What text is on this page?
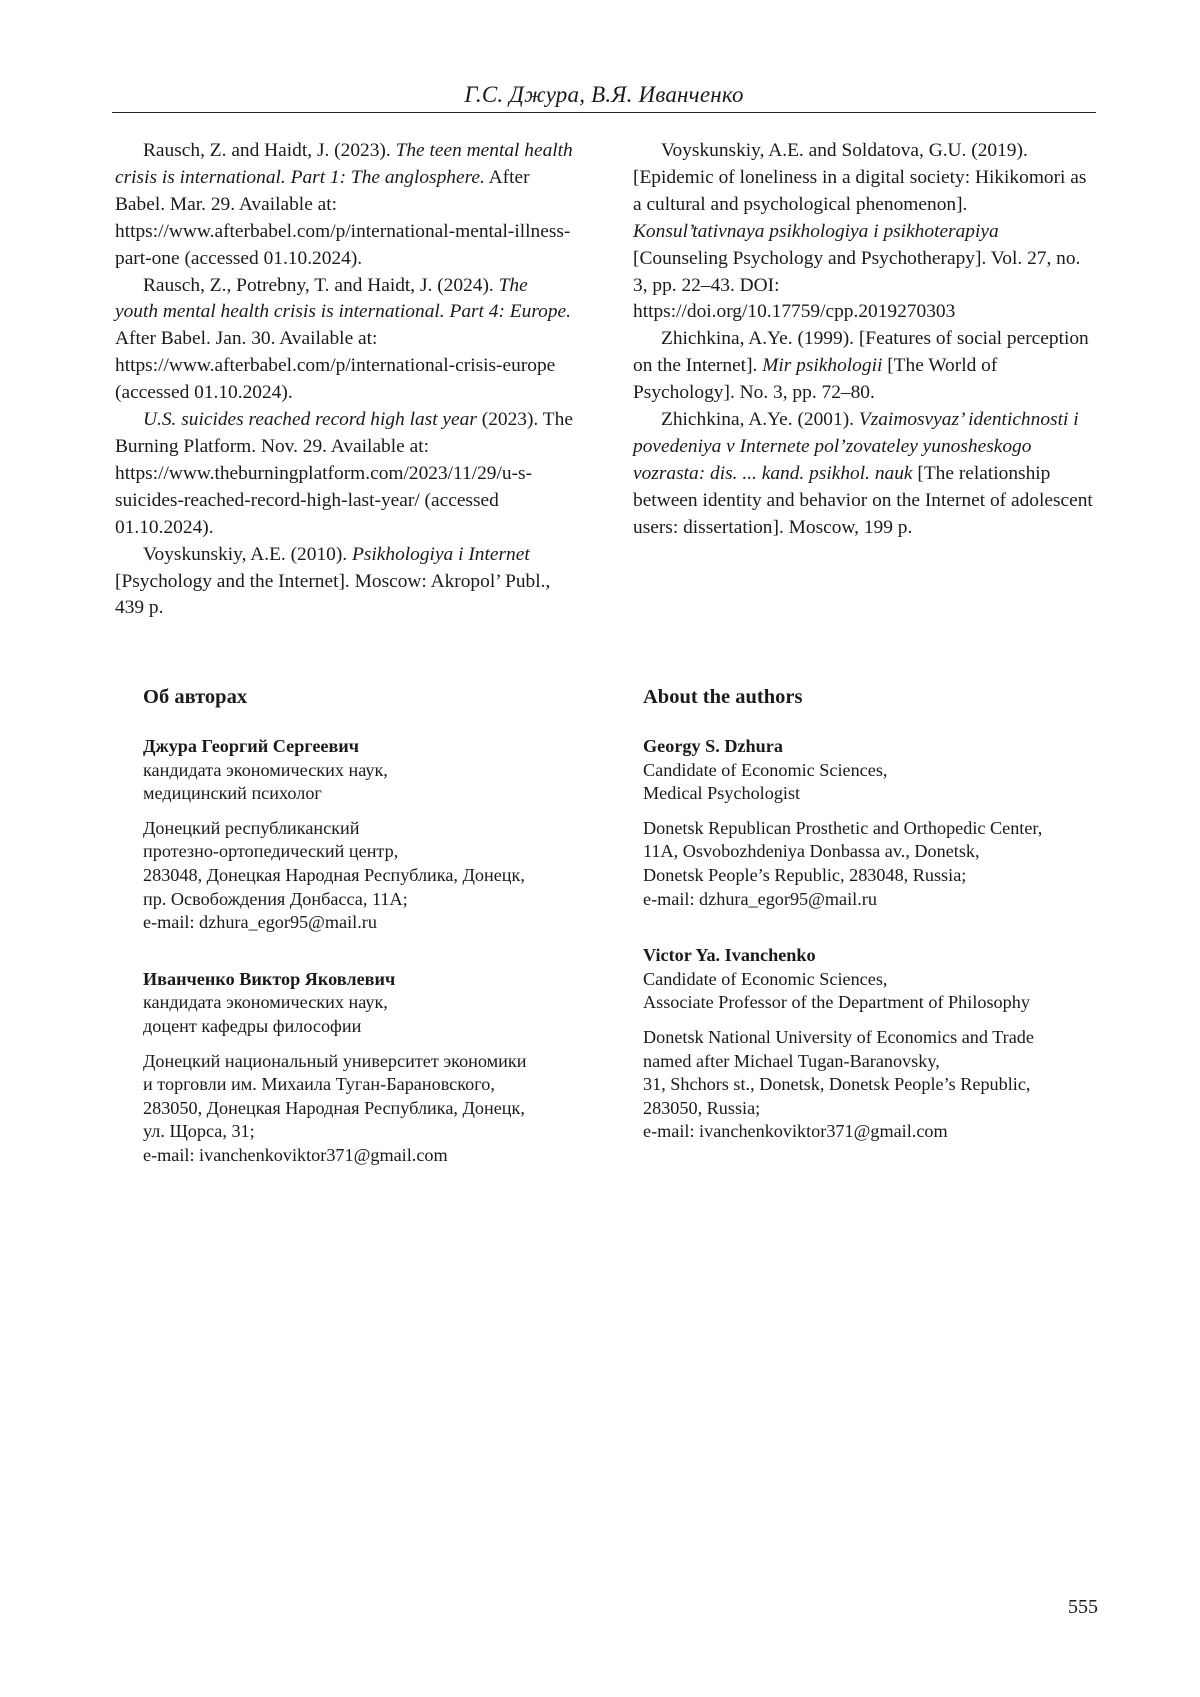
Г.С. Джура, В.Я. Иванченко

Rausch, Z. and Haidt, J. (2023). The teen mental health crisis is international. Part 1: The anglosphere. After Babel. Mar. 29. Available at: https://www.afterbabel.com/p/international-mental-illness-part-one (accessed 01.10.2024).

Rausch, Z., Potrebny, T. and Haidt, J. (2024). The youth mental health crisis is international. Part 4: Europe. After Babel. Jan. 30. Available at: https://www.afterbabel.com/p/international-crisis-europe (accessed 01.10.2024).

U.S. suicides reached record high last year (2023). The Burning Platform. Nov. 29. Available at: https://www.theburningplatform.com/2023/11/29/u-s-suicides-reached-record-high-last-year/ (accessed 01.10.2024).

Voyskunskiy, A.E. (2010). Psikhologiya i Internet [Psychology and the Internet]. Moscow: Akropol’ Publ., 439 p.

Voyskunskiy, A.E. and Soldatova, G.U. (2019). [Epidemic of loneliness in a digital society: Hikikomori as a cultural and psychological phenomenon]. Konsul’tativnaya psikhologiya i psikhoterapiya [Counseling Psychology and Psychotherapy]. Vol. 27, no. 3, pp. 22–43. DOI: https://doi.org/10.17759/cpp.2019270303

Zhichkina, A.Ye. (1999). [Features of social perception on the Internet]. Mir psikhologii [The World of Psychology]. No. 3, pp. 72–80.

Zhichkina, A.Ye. (2001). Vzaimosvyaz’ identichnosti i povedeniya v Internete pol’zovateley yunosheskogo vozrasta: dis. ... kand. psikhol. nauk [The relationship between identity and behavior on the Internet of adolescent users: dissertation]. Moscow, 199 p.

Об авторах

Джура Георгий Сергеевич

кандидата экономических наук,

медицинский психолог

Донецкий республиканский

протезно-ортопедический центр,

283048, Донецкая Народная Республика, Донецк,

пр. Освобождения Донбасса, 11А;

e-mail: dzhura_egor95@mail.ru

Иванченко Виктор Яковлевич

кандидата экономических наук,

доцент кафедры философии

Донецкий национальный университет экономики

и торговли им. Михаила Туган-Барановского,

283050, Донецкая Народная Республика, Донецк,

ул. Щорса, 31;

e-mail: ivanchenkoviktor371@gmail.com

About the authors

Georgy S. Dzhura

Candidate of Economic Sciences,

Medical Psychologist

Donetsk Republican Prosthetic and Orthopedic Center,

11A, Osvobozhdeniya Donbassa av., Donetsk,

Donetsk People’s Republic, 283048, Russia;

e-mail: dzhura_egor95@mail.ru

Victor Ya. Ivanchenko

Candidate of Economic Sciences,

Associate Professor of the Department of Philosophy

Donetsk National University of Economics and Trade

named after Michael Tugan-Baranovsky,

31, Shchors st., Donetsk, Donetsk People’s Republic,

283050, Russia;

e-mail: ivanchenkoviktor371@gmail.com

555
